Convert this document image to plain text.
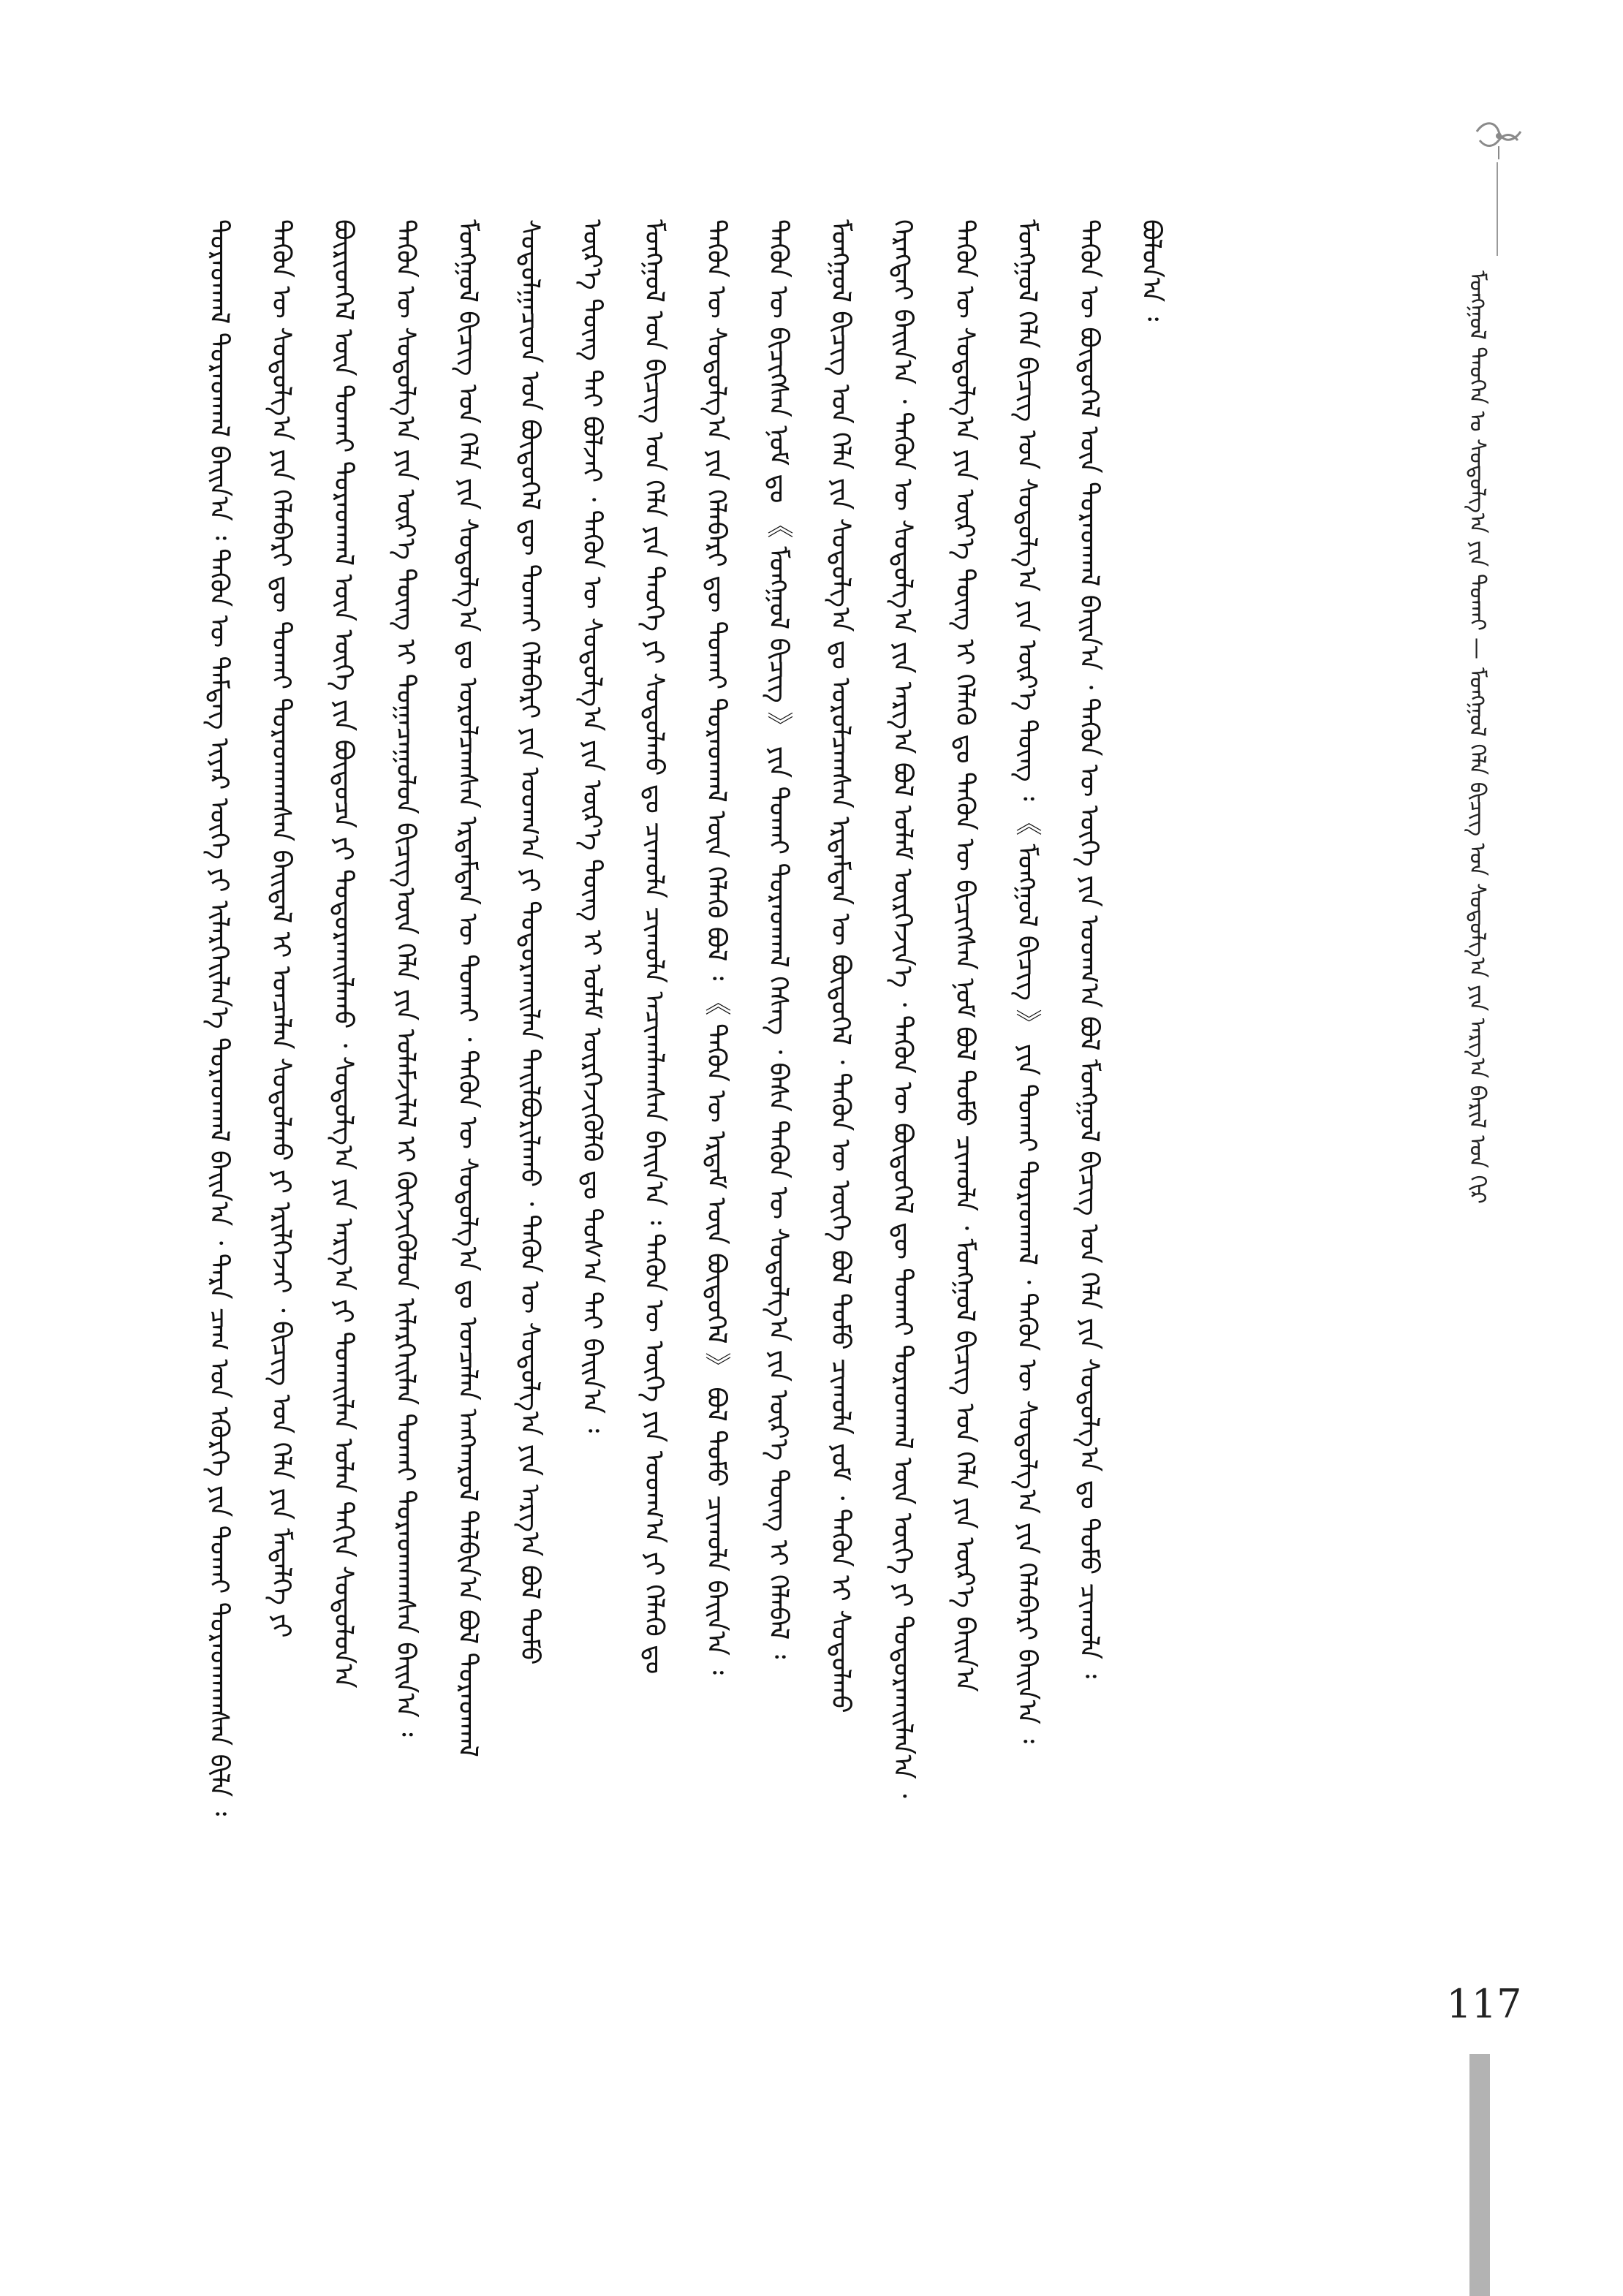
ᠮᠣᠩᠭᠣᠯ ᠲᠡᠦᠬᠡᠨ ᠤ ᠰᠤᠳᠤᠯᠭ᠎ᠠ ᠶᠢᠨ ᠲᠤᠬᠠᠢ — ᠮᠣᠩᠭᠣᠯ ᠬᠡᠯᠡ ᠪᠢᠴᠢᠭ ᠤᠨ ᠰᠤᠳᠤᠯᠭ᠎ᠠ ᠶᠢᠨ ᠠᠷᠭ᠎ᠠ ᠪᠠᠷᠢᠯ ᠤᠨ ᠬᠢᠷ
ᠳᠤᠷᠠᠳᠬᠠᠯ ᠳᠤᠷᠠᠳᠬᠠᠯ ᠪᠠᠢᠨ᠎ᠠ ᠄ ᠲᠡᠭᠦᠨ ᠦ ᠲᠡᠮᠳᠡᠭ ᠢᠶᠡᠷ ᠦᠭᠡ ᠶᠢ ᠢᠯᠡᠷᠬᠡᠢᠯᠡᠨ᠎ᠡ ᠳᠤᠷᠠᠳᠬᠠᠯ ᠪᠠᠢᠨ᠎ᠠ ᠂ ᠲᠡᠷᠡ ᠴᠠᠭ ᠤᠨ ᠡᠭᠦᠷᠭᠡ ᠶᠢᠨ ᠲᠤᠬᠠᠢ ᠳᠤᠷᠠᠳᠬᠠᠭᠰᠠᠨ ᠪᠢᠯᠡ ᠄ ᠲᠡᠭᠦᠨ ᠦ ᠰᠤᠳᠤᠯᠭ᠎ᠠ ᠶᠢᠨ ᠬᠡᠯᠡᠪᠡᠷᠢ ᠳᠦ ᠲᠤᠬᠠᠢ ᠳᠤᠷᠠᠳᠬᠠᠭᠰᠠᠨ ᠪᠠᠢᠳᠠᠯ ᠢ ᠣᠨᠴᠠᠯᠠᠨ ᠰᠤᠳᠤᠯᠬᠤ ᠶᠢ ᠡᠷᠢᠯᠬᠡᠵᠡᠢ ᠂ ᠪᠢᠴᠢᠭ ᠤᠨ ᠬᠡᠯᠡ ᠶᠢᠨ ᠮᠡᠳᠡᠯᠭᠡ ᠶᠢ ᠪᠦᠷᠢᠳᠬᠡᠯ ᠦᠨ ᠲᠤᠬᠠᠢ ᠳᠤᠷᠠᠳᠬᠠᠯ ᠦᠨ ᠦᠭᠡ ᠶᠢᠨ ᠪᠦᠲᠦᠴᠡ ᠶᠢ ᠲᠣᠳᠣᠷᠬᠠᠢᠯᠠᠬᠤ ᠂ ᠰᠤᠳᠤᠯᠭ᠎ᠠ ᠶᠢᠨ ᠠᠷᠭ᠎ᠠ ᠶᠢ ᠲᠤᠬᠠᠢᠯᠠᠨ ᠣᠯᠠᠨ ᠳᠠᠬᠢᠨ ᠰᠤᠳᠤᠯᠤᠨ᠎ᠠ ᠲᠡᠭᠦᠨ ᠦ ᠰᠤᠳᠤᠯᠭ᠎ᠠ ᠶᠢᠨ ᠦᠷ᠎ᠡ ᠳᠦᠩ ᠢ ᠲᠣᠭᠠᠴᠠᠭᠤᠯᠤᠨ ᠪᠢᠴᠢᠭ᠎ᠦᠨ ᠬᠡᠯᠡ ᠶᠢᠨ ᠤᠯᠠᠮᠵᠢᠯᠠᠯ ᠢ ᠬᠥᠭᠵᠢᠭᠦᠯᠦᠨ ᠢᠯᠡᠷᠬᠡᠢᠯᠡᠨ ᠲᠤᠬᠠᠢ ᠳᠤᠷᠠᠳᠬᠠᠭᠰᠠᠨ ᠪᠠᠢᠨ᠎ᠠ ᠄ ᠮᠣᠩᠭᠣᠯ ᠪᠢᠴᠢᠭ ᠤᠨ ᠬᠡᠯᠡ ᠶᠢᠨ ᠰᠤᠳᠤᠯᠭ᠎ᠠ ᠳᠤ ᠣᠷᠣᠯᠴᠠᠭᠰᠠᠨ ᠡᠷᠳᠡᠮᠲᠡᠨ ᠦ ᠲᠤᠬᠠᠢ ᠂ ᠲᠡᠭᠦᠨ ᠦ ᠰᠤᠳᠤᠯᠭ᠎ᠠ ᠳᠤ ᠣᠨᠴᠠᠯᠠᠨ ᠠᠩᠬᠠᠷᠤᠯ ᠲᠠᠯᠪᠢᠨ᠎ᠠ ᠪᠣᠯ ᠳᠤᠷᠠᠳᠬᠠᠯ ᠰᠤᠳᠤᠯᠭᠠᠴᠢᠳ ᠤᠨ ᠪᠦᠲᠦᠭᠡᠯ ᠳᠦ ᠲᠤᠬᠠᠢ ᠬᠡᠯᠡᠪᠡᠷᠢ ᠶᠢᠨ ᠤᠳᠬ᠎ᠠ ᠶᠢ ᠲᠣᠳᠣᠷᠬᠠᠢᠯᠠᠨ ᠲᠠᠢᠯᠪᠤᠷᠢᠯᠠᠬᠤ ᠂ ᠲᠡᠭᠦᠨ ᠦ ᠰᠤᠳᠤᠯᠭ᠎ᠠ ᠶᠢᠨ ᠠᠷᠭ᠎ᠠ ᠪᠣᠯ ᠲᠤᠮᠤ ᠦᠷ᠎ᠡ ᠳᠦᠩ ᠲᠠᠢ ᠪᠣᠯᠵᠠᠢ ᠂ ᠲᠡᠭᠦᠨ ᠦ ᠰᠤᠳᠤᠯᠭ᠎ᠠ ᠶᠢᠨ ᠦᠷ᠎ᠡ ᠳᠦᠩ ᠢ ᠤᠯᠠᠮ ᠥᠷᠭᠡᠵᠢᠭᠦᠯᠬᠦ ᠳᠤ ᠲᠤᠰ᠎ᠠ ᠲᠠᠢ ᠪᠠᠢᠨ᠎ᠠ ᠄ ᠮᠣᠩᠭᠣᠯ ᠤᠨ ᠪᠢᠴᠢᠭ ᠤᠨ ᠬᠡᠯᠡ ᠶᠢᠨ ᠲᠡᠦᠬᠡ ᠶᠢ ᠰᠤᠳᠤᠯᠬᠤ ᠳᠤ ᠴᠢᠬᠤᠯᠠ ᠴᠢᠬᠤᠯᠠ ᠠᠴᠢᠬᠠᠯᠠᠭᠰᠠᠨ ᠪᠠᠢᠨ᠎ᠠ ᠄ ᠲᠡᠭᠦᠨ ᠦ ᠦᠭᠡ ᠶᠢᠨ ᠤᠳᠬ᠎ᠠ ᠶᠢ ᠬᠡᠯᠡᠬᠦ ᠳᠤ ᠲᠡᠭᠦᠨ ᠦ ᠰᠤᠳᠤᠯᠭ᠎ᠠ ᠶᠢᠨ ᠬᠡᠯᠡᠪᠡᠷᠢ ᠳᠦ ᠲᠤᠬᠠᠢ ᠳᠤᠷᠠᠳᠬᠠᠯ ᠦᠨ ᠬᠡᠯᠡᠬᠦ ᠪᠣᠯ ᠄ 《 ᠲᠡᠭᠦᠨ ᠦ ᠡᠷᠳᠡᠮ ᠦᠨ ᠪᠦᠲᠦᠭᠡᠯ 》 ᠪᠣᠯ ᠲᠤᠮᠤ ᠴᠢᠬᠤᠯᠠ ᠪᠠᠢᠨ᠎ᠠ ᠄ ᠲᠡᠭᠦᠨ ᠦ ᠪᠢᠴᠢᠭᠰᠡᠨ ᠨᠣᠮ ᠳᠤ 《 ᠮᠣᠩᠭᠣᠯ ᠪᠢᠴᠢᠭ 》 ᠶᠢᠨ ᠲᠤᠬᠠᠢ ᠳᠤᠷᠠᠳᠬᠠᠯ ᠬᠡᠰᠡᠭ ᠂ ᠪᠠᠰᠠ ᠲᠡᠭᠦᠨ ᠦ ᠰᠤᠳᠤᠯᠭ᠎ᠠ ᠶᠢᠨ ᠦᠷ᠎ᠡ ᠳᠦᠩ ᠢ ᠬᠡᠯᠡᠪᠡᠯ ᠄ ᠮᠣᠩᠭᠣᠯ ᠪᠢᠴᠢᠭ ᠤᠨ ᠬᠡᠯᠡ ᠶᠢᠨ ᠰᠤᠳᠤᠯᠭ᠎ᠠ ᠳᠤ ᠣᠷᠣᠯᠴᠠᠭᠰᠠᠨ ᠡᠷᠳᠡᠮᠲᠡᠨ ᠦ ᠪᠦᠲᠦᠭᠡᠯ ᠂ ᠲᠡᠭᠦᠨ ᠦ ᠦᠭᠡ ᠪᠣᠯ ᠲᠤᠮᠤ ᠴᠢᠬᠤᠯᠠ ᠶᠤᠮ ᠂ ᠲᠡᠭᠦᠨ ᠢ ᠰᠤᠳᠤᠯᠬᠤ ᠬᠡᠷᠡᠭᠲᠡᠢ ᠪᠠᠢᠨ᠎ᠠ ᠂ ᠲᠡᠭᠦᠨ ᠦ ᠰᠤᠳᠤᠯᠭ᠎ᠠ ᠶᠢᠨ ᠠᠷᠭ᠎ᠠ ᠪᠣᠯ ᠤᠯᠠᠮ ᠥᠷᠭᠡᠵᠢᠨ᠎ᠡ ᠂ ᠲᠡᠭᠦᠨ ᠦ ᠪᠦᠲᠦᠭᠡᠯ ᠳᠦ ᠲᠤᠬᠠᠢ ᠳᠤᠷᠠᠳᠬᠠᠯ ᠦᠨ ᠦᠭᠡ ᠶᠢ ᠲᠣᠳᠣᠷᠬᠠᠢᠯᠠᠨ᠎ᠠ ᠂ ᠲᠡᠭᠦᠨ ᠦ ᠰᠤᠳᠤᠯᠭ᠎ᠠ ᠶᠢᠨ ᠦᠷ᠎ᠡ ᠳᠦᠩ ᠢ ᠬᠡᠯᠡᠬᠦ ᠳᠤ ᠲᠡᠭᠦᠨ ᠦ ᠪᠢᠴᠢᠭᠰᠡᠨ ᠨᠣᠮ ᠪᠣᠯ ᠲᠤᠮᠤ ᠴᠢᠬᠤᠯᠠ ᠂ ᠮᠣᠩᠭᠣᠯ ᠪᠢᠴᠢᠭ ᠤᠨ ᠬᠡᠯᠡ ᠶᠢᠨ ᠦᠷ᠎ᠡ ᠪᠠᠢᠨ᠎ᠠ ᠮᠣᠩᠭᠣᠯ ᠬᠡᠯᠡ ᠪᠢᠴᠢᠭ ᠤᠨ ᠰᠤᠳᠤᠯᠭ᠎ᠠ ᠶᠢᠨ ᠦᠷ᠎ᠡ ᠳᠦᠩ ᠄ 《 ᠮᠣᠩᠭᠣᠯ ᠪᠢᠴᠢᠭ 》 ᠶᠢᠨ ᠲᠤᠬᠠᠢ ᠳᠤᠷᠠᠳᠬᠠᠯ ᠂ ᠲᠡᠭᠦᠨ ᠦ ᠰᠤᠳᠤᠯᠭ᠎ᠠ ᠶᠢᠨ ᠬᠡᠯᠡᠪᠡᠷᠢ ᠪᠠᠢᠨ᠎ᠠ ᠄ ᠲᠡᠭᠦᠨ ᠦ ᠪᠦᠲᠦᠭᠡᠯ ᠦᠨ ᠳᠤᠷᠠᠳᠬᠠᠯ ᠪᠠᠢᠨ᠎ᠠ ᠂ ᠲᠡᠭᠦᠨ ᠦ ᠦᠭᠡ ᠶᠢᠨ ᠤᠳᠬ᠎ᠠ ᠪᠣᠯ ᠮᠣᠩᠭᠣᠯ ᠪᠢᠴᠢᠭ ᠤᠨ ᠬᠡᠯᠡ ᠶᠢᠨ ᠰᠤᠳᠤᠯᠭ᠎ᠠ ᠳᠤ ᠲᠤᠮᠤ ᠴᠢᠬᠤᠯᠠ ᠄ ᠪᠣᠯᠤᠨ᠎ᠠ ᠄
117
